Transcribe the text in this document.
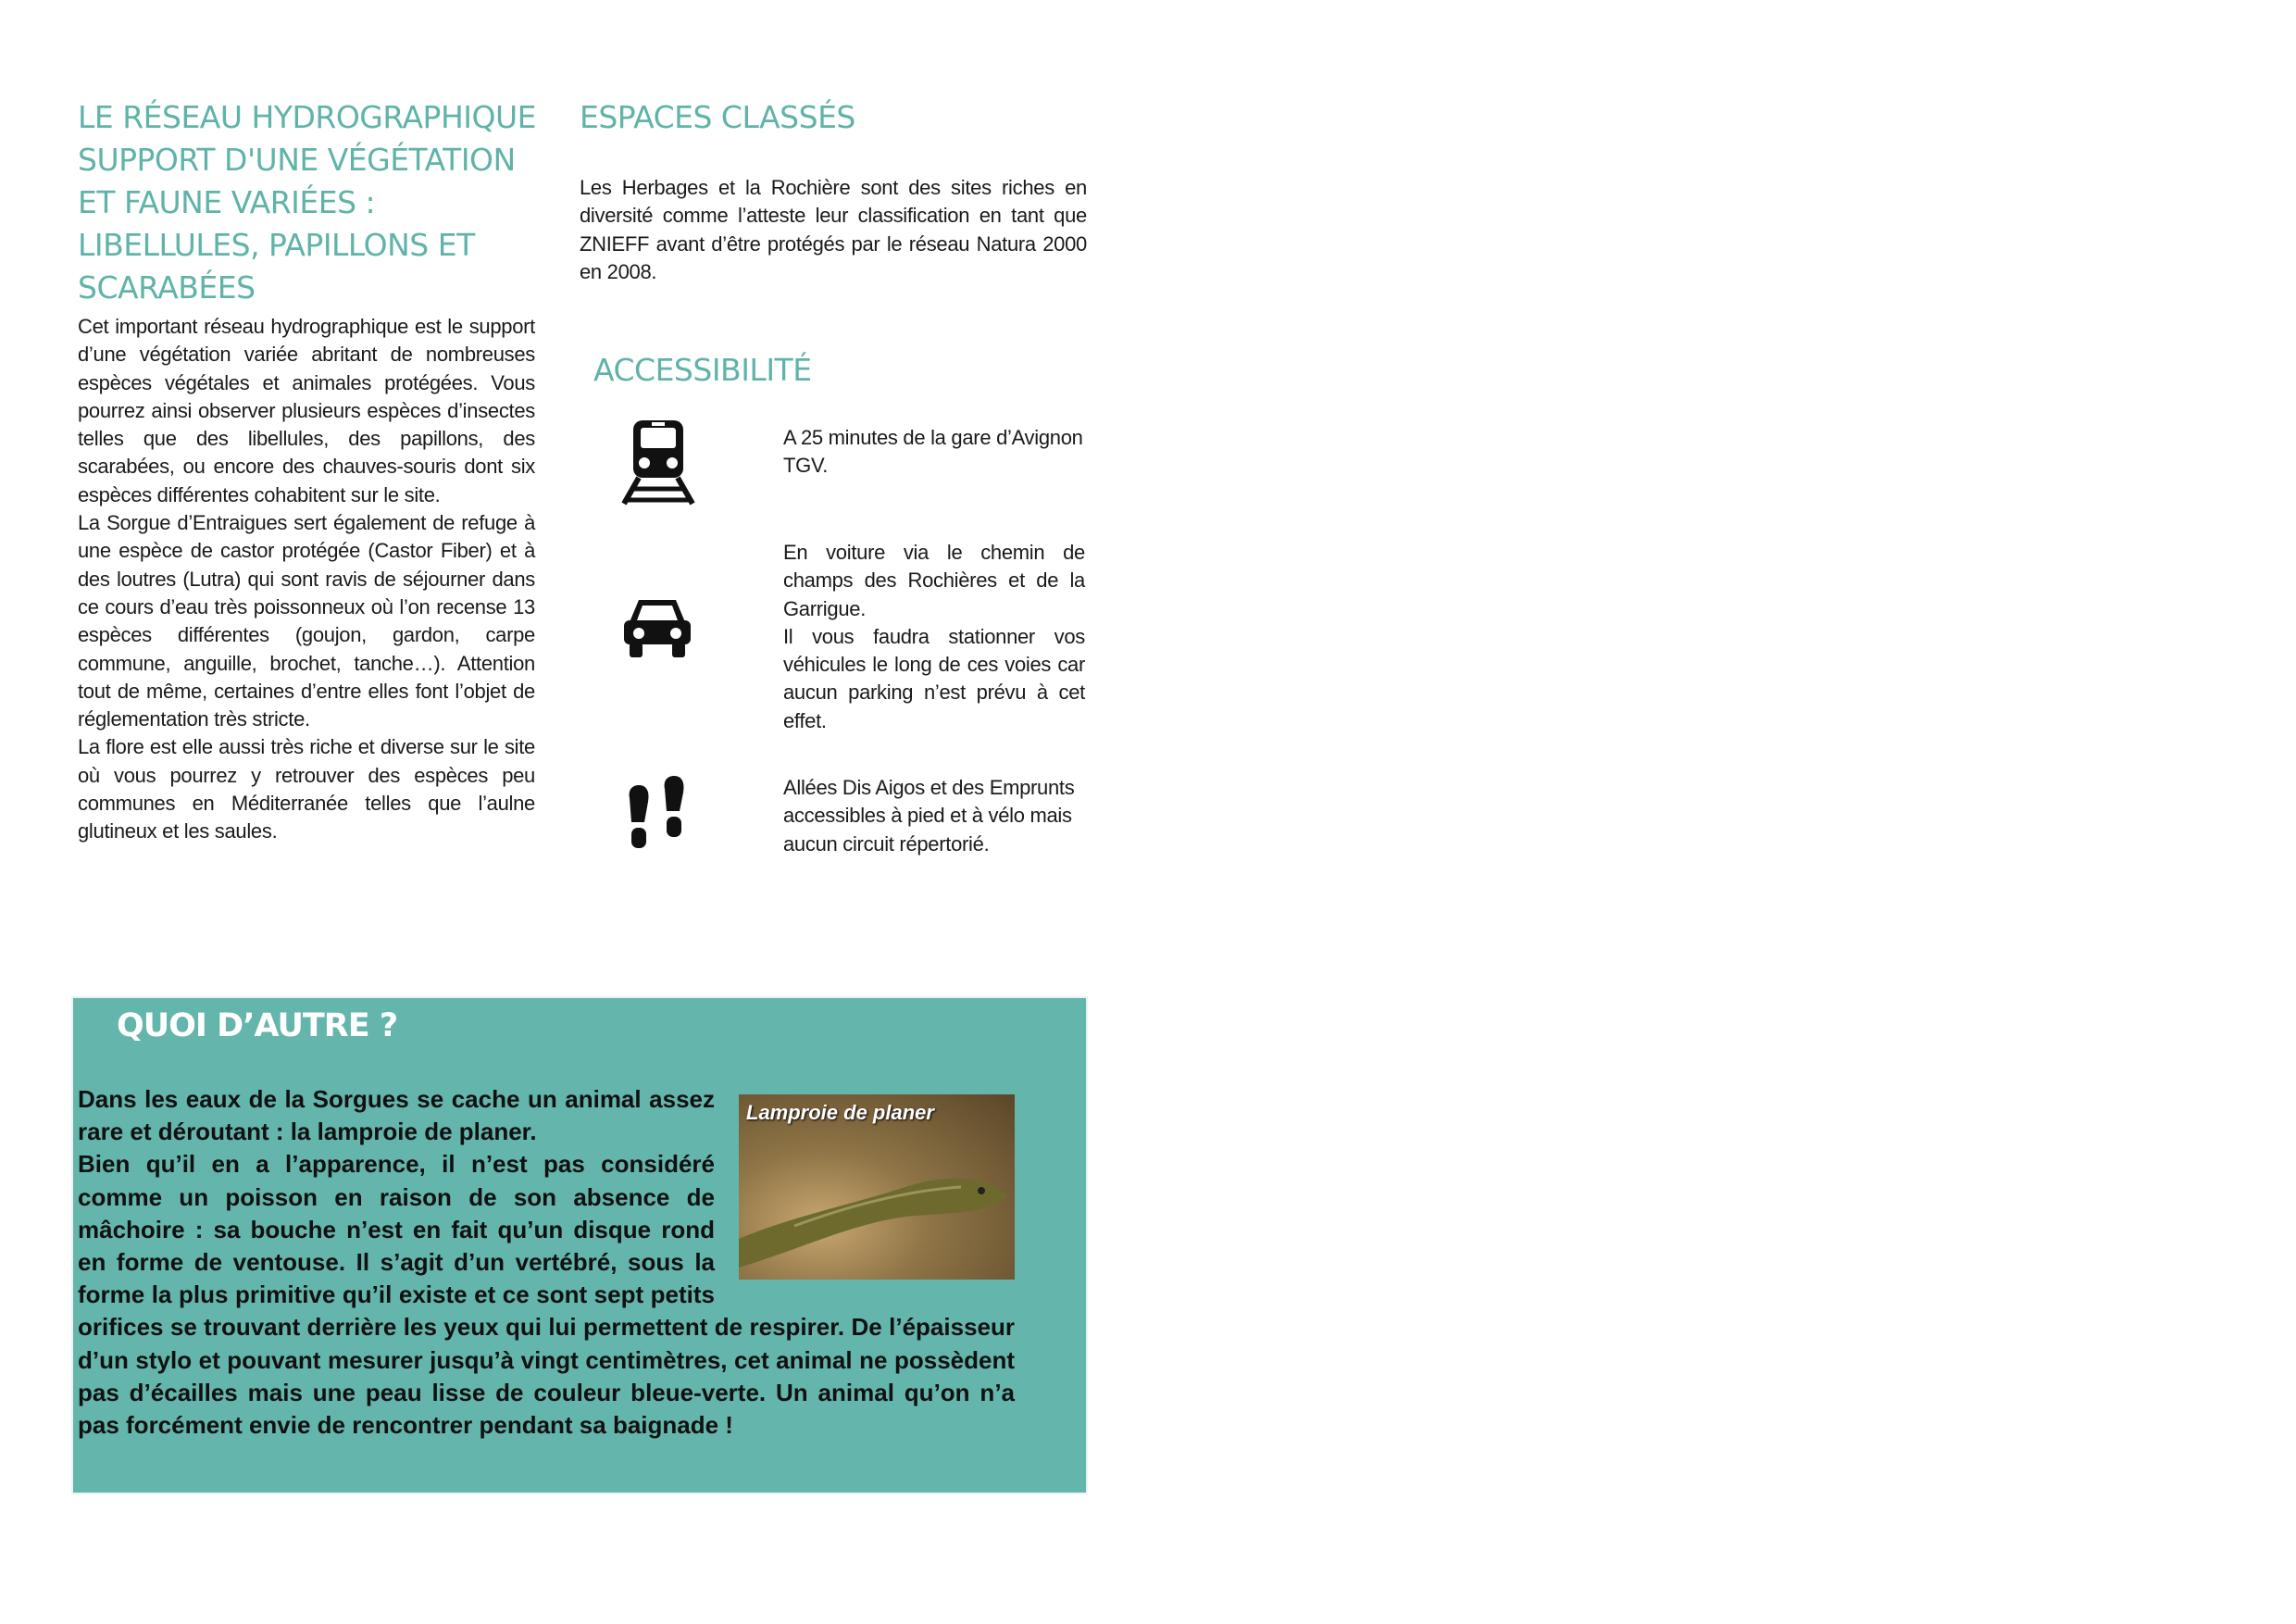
LE RÉSEAU HYDROGRAPHIQUE SUPPORT D'UNE VÉGÉTATION ET FAUNE VARIÉES : LIBELLULES, PAPILLONS ET SCARABÉES

Cet important réseau hydrographique est le support d’une végétation variée abritant de nombreuses espèces végétales et animales protégées. Vous pourrez ainsi observer plusieurs espèces d’insectes telles que des libellules, des papillons, des scarabées, ou encore des chauves-souris dont six espèces différentes cohabitent sur le site.

La Sorgue d’Entraigues sert également de refuge à une espèce de castor protégée (Castor Fiber) et à des loutres (Lutra) qui sont ravis de séjourner dans ce cours d’eau très poissonneux où l’on recense 13 espèces différentes (goujon, gardon, carpe commune, anguille, brochet, tanche…). Attention tout de même, certaines d’entre elles font l’objet de réglementation très stricte.

La flore est elle aussi très riche et diverse sur le site où vous pourrez y retrouver des espèces peu communes en Méditerranée telles que l’aulne glutineux et les saules.

ESPACES CLASSÉS

Les Herbages et la Rochière sont des sites riches en diversité comme l’atteste leur classification en tant que ZNIEFF avant d’être protégés par le réseau Natura 2000 en 2008.

ACCESSIBILITÉ

A 25 minutes de la gare d’Avignon TGV.

En voiture via le chemin de champs des Rochières et de la Garrigue.
Il vous faudra stationner vos véhicules le long de ces voies car aucun parking n’est prévu à cet effet.

Allées Dis Aigos et des Emprunts accessibles à pied et à vélo mais aucun circuit répertorié.

QUOI D’AUTRE ?
Lamproie de planer

Dans les eaux de la Sorgues se cache un animal assez rare et déroutant : la lamproie de planer.

Bien qu’il en a l’apparence, il n’est pas considéré comme un poisson en raison de son absence de mâchoire : sa bouche n’est en fait qu’un disque rond en forme de ventouse. Il s’agit d’un vertébré, sous la forme la plus primitive qu’il existe et ce sont sept petits orifices se trouvant derrière les yeux qui lui permettent de respirer. De l’épaisseur d’un stylo et pouvant mesurer jusqu’à vingt centimètres, cet animal ne possèdent pas d’écailles mais une peau lisse de couleur bleue-verte. Un animal qu’on n’a pas forcément envie de rencontrer pendant sa baignade !
